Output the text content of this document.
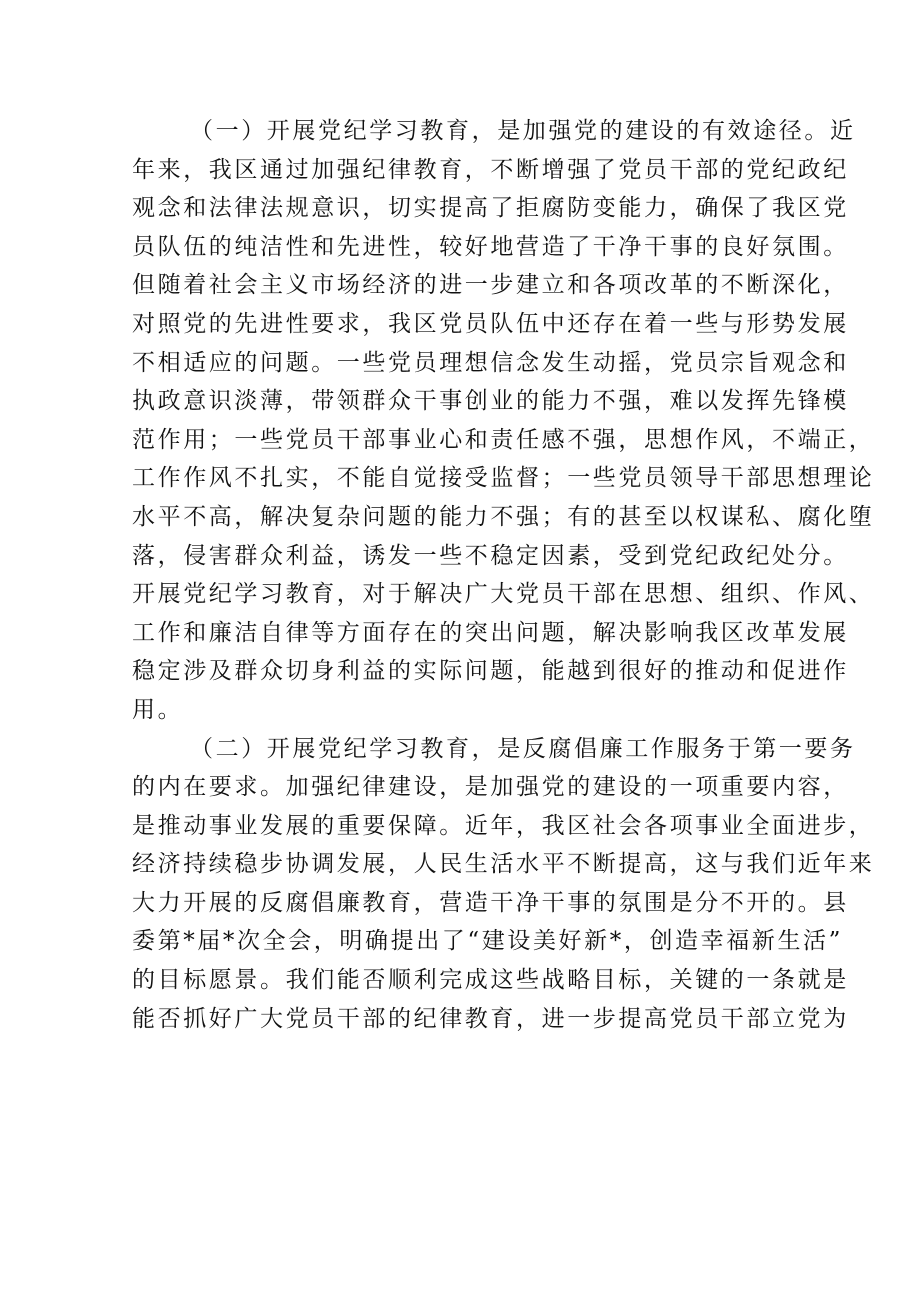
（一）开展党纪学习教育，是加强党的建设的有效途径。近
年来，我区通过加强纪律教育，不断增强了党员干部的党纪政纪
观念和法律法规意识，切实提高了拒腐防变能力，确保了我区党
员队伍的纯洁性和先进性，较好地营造了干净干事的良好氛围。
但随着社会主义市场经济的进一步建立和各项改革的不断深化，
对照党的先进性要求，我区党员队伍中还存在着一些与形势发展
不相适应的问题。一些党员理想信念发生动摇，党员宗旨观念和
执政意识淡薄，带领群众干事创业的能力不强，难以发挥先锋模
范作用；一些党员干部事业心和责任感不强，思想作风，不端正，
工作作风不扎实，不能自觉接受监督；一些党员领导干部思想理论
水平不高，解决复杂问题的能力不强；有的甚至以权谋私、腐化堕
落，侵害群众利益，诱发一些不稳定因素，受到党纪政纪处分。
开展党纪学习教育，对于解决广大党员干部在思想、组织、作风、
工作和廉洁自律等方面存在的突出问题，解决影响我区改革发展
稳定涉及群众切身利益的实际问题，能越到很好的推动和促进作
用。
（二）开展党纪学习教育，是反腐倡廉工作服务于第一要务
的内在要求。加强纪律建设，是加强党的建设的一项重要内容，
是推动事业发展的重要保障。近年，我区社会各项事业全面进步，
经济持续稳步协调发展，人民生活水平不断提高，这与我们近年来
大力开展的反腐倡廉教育，营造干净干事的氛围是分不开的。县
委第*届*次全会，明确提出了“建设美好新*，创造幸福新生活”
的目标愿景。我们能否顺利完成这些战略目标，关键的一条就是
能否抓好广大党员干部的纪律教育，进一步提高党员干部立党为
